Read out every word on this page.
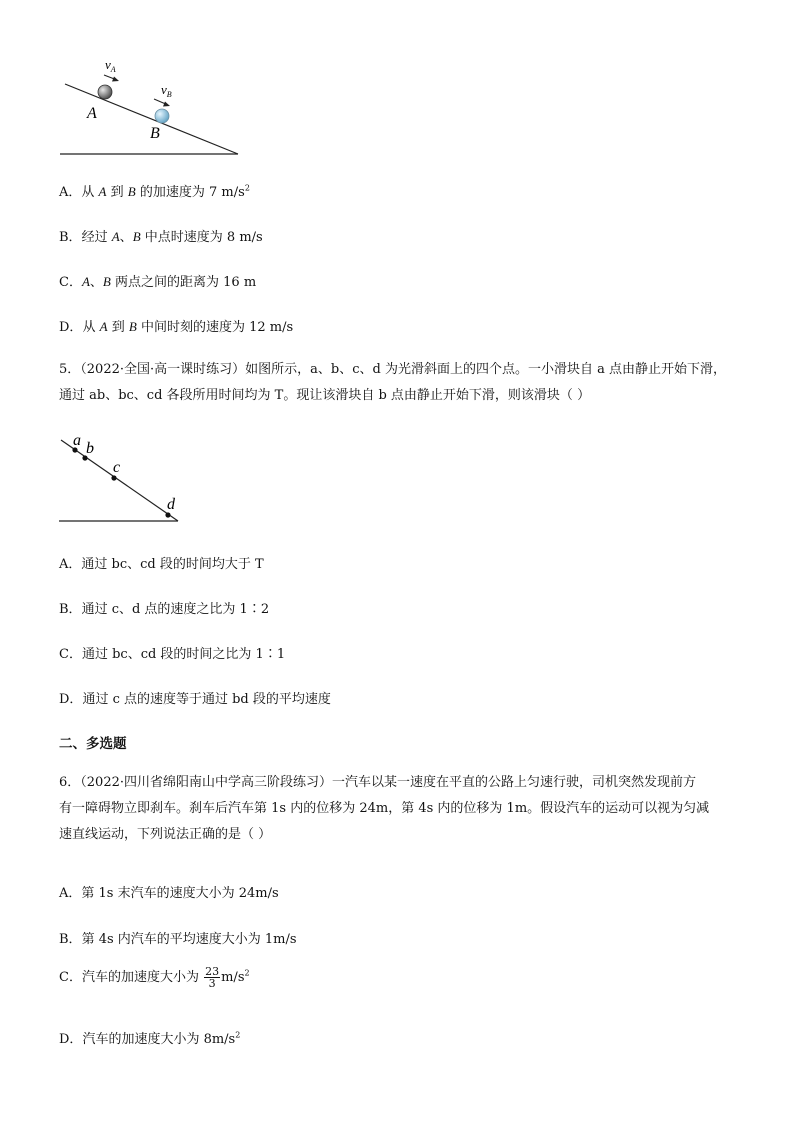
$v_A$
$v_B$
A
B
A．从 A 到 B 的加速度为 7 $m/s^2$
B．经过 A、B 中点时速度为 8 m/s
C．A、B 两点之间的距离为 16 m
D．从 A 到 B 中间时刻的速度为 12 m/s
5．（2022·全国·高一课时练习）如图所示，a、b、c、d 为光滑斜面上的四个点。一小滑块自 a 点由静止开始下滑，
通过 ab、bc、cd 各段所用时间均为 T。现让该滑块自 b 点由静止开始下滑，则该滑块（ ）
a b
c
d
A．通过 bc、cd 段的时间均大于 T
B．通过 c、d 点的速度之比为 1∶2
C．通过 bc、cd 段的时间之比为 1∶1
D．通过 c 点的速度等于通过 bd 段的平均速度
二、多选题
6．（2022·四川省绵阳南山中学高三阶段练习）一汽车以某一速度在平直的公路上匀速行驶，司机突然发现前方
有一障碍物立即刹车。刹车后汽车第 1s 内的位移为 24m，第 4s 内的位移为 1m。假设汽车的运动可以视为匀减
速直线运动，下列说法正确的是（ ）
A．第 1s 末汽车的速度大小为 24m/s
B．第 4s 内汽车的平均速度大小为 1m/s
C．汽车的加速度大小为 $\frac{23}{3} m/s^2$
D．汽车的加速度大小为 $8m/s^2$
